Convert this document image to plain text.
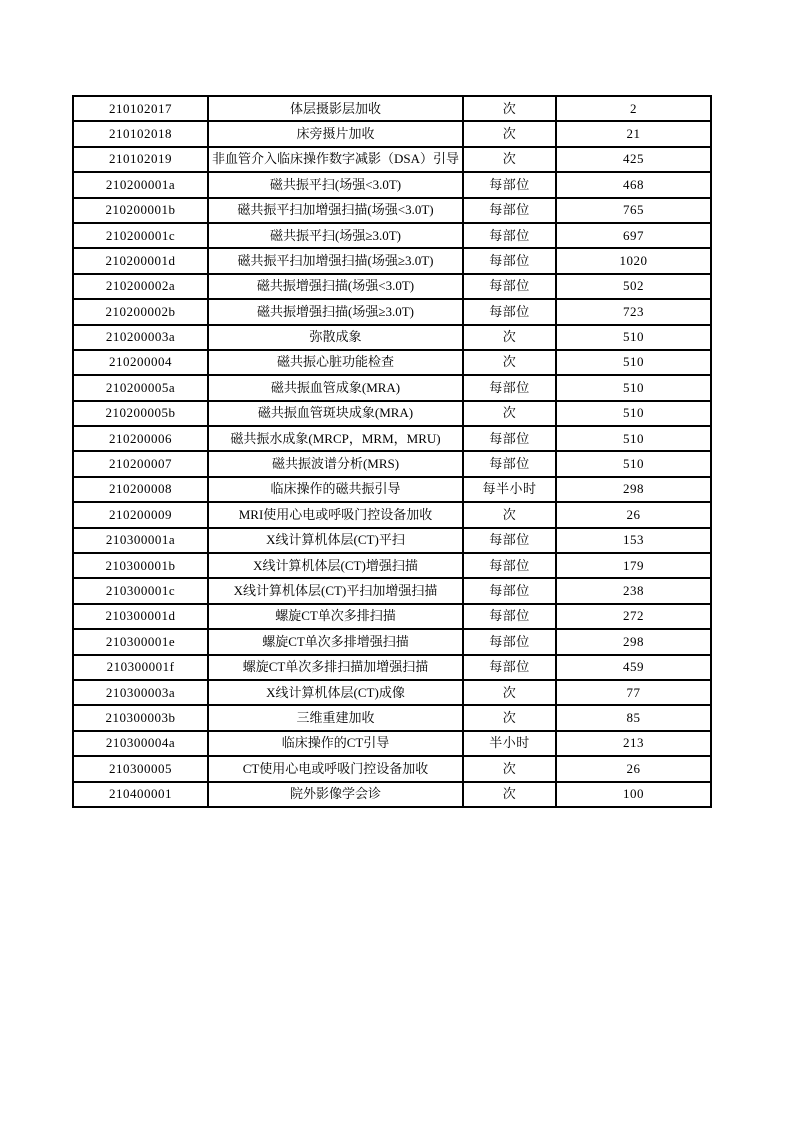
210102017	体层摄影层加收	次	2
210102018	床旁摄片加收	次	21
210102019	非血管介入临床操作数字减影（DSA）引导	次	425
210200001a	磁共振平扫(场强<3.0T)	每部位	468
210200001b	磁共振平扫加增强扫描(场强<3.0T)	每部位	765
210200001c	磁共振平扫(场强≥3.0T)	每部位	697
210200001d	磁共振平扫加增强扫描(场强≥3.0T)	每部位	1020
210200002a	磁共振增强扫描(场强<3.0T)	每部位	502
210200002b	磁共振增强扫描(场强≥3.0T)	每部位	723
210200003a	弥散成象	次	510
210200004	磁共振心脏功能检查	次	510
210200005a	磁共振血管成象(MRA)	每部位	510
210200005b	磁共振血管斑块成象(MRA)	次	510
210200006	磁共振水成象(MRCP，MRM，MRU)	每部位	510
210200007	磁共振波谱分析(MRS)	每部位	510
210200008	临床操作的磁共振引导	每半小时	298
210200009	MRI使用心电或呼吸门控设备加收	次	26
210300001a	X线计算机体层(CT)平扫	每部位	153
210300001b	X线计算机体层(CT)增强扫描	每部位	179
210300001c	X线计算机体层(CT)平扫加增强扫描	每部位	238
210300001d	螺旋CT单次多排扫描	每部位	272
210300001e	螺旋CT单次多排增强扫描	每部位	298
210300001f	螺旋CT单次多排扫描加增强扫描	每部位	459
210300003a	X线计算机体层(CT)成像	次	77
210300003b	三维重建加收	次	85
210300004a	临床操作的CT引导	半小时	213
210300005	CT使用心电或呼吸门控设备加收	次	26
210400001	院外影像学会诊	次	100
